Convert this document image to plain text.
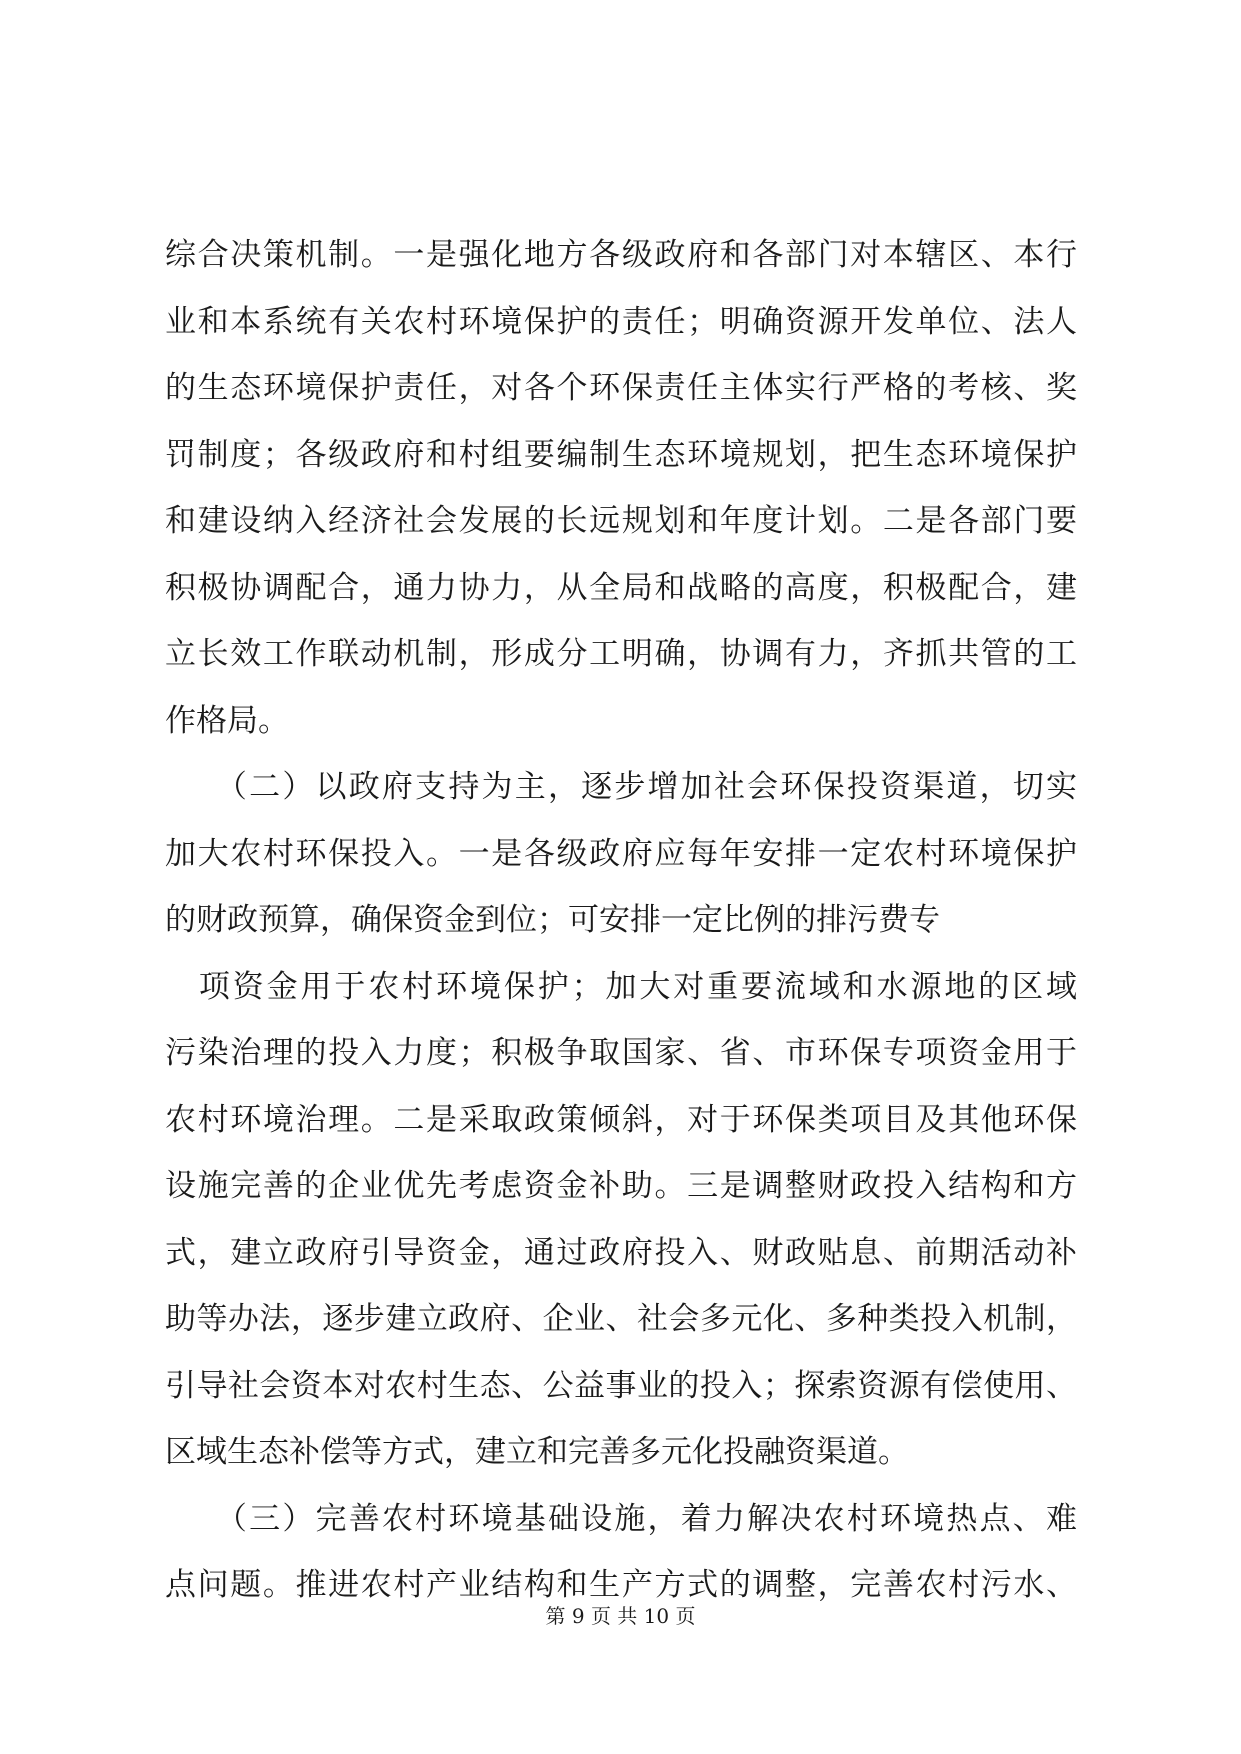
综合决策机制。一是强化地方各级政府和各部门对本辖区、本行
业和本系统有关农村环境保护的责任；明确资源开发单位、法人
的生态环境保护责任，对各个环保责任主体实行严格的考核、奖
罚制度；各级政府和村组要编制生态环境规划，把生态环境保护
和建设纳入经济社会发展的长远规划和年度计划。二是各部门要
积极协调配合，通力协力，从全局和战略的高度，积极配合，建
立长效工作联动机制，形成分工明确，协调有力，齐抓共管的工
作格局。
　　（二）以政府支持为主，逐步增加社会环保投资渠道，切实
加大农村环保投入。一是各级政府应每年安排一定农村环境保护
的财政预算，确保资金到位；可安排一定比例的排污费专
　项资金用于农村环境保护；加大对重要流域和水源地的区域
污染治理的投入力度；积极争取国家、省、市环保专项资金用于
农村环境治理。二是采取政策倾斜，对于环保类项目及其他环保
设施完善的企业优先考虑资金补助。三是调整财政投入结构和方
式，建立政府引导资金，通过政府投入、财政贴息、前期活动补
助等办法，逐步建立政府、企业、社会多元化、多种类投入机制，
引导社会资本对农村生态、公益事业的投入；探索资源有偿使用、
区域生态补偿等方式，建立和完善多元化投融资渠道。
　　（三）完善农村环境基础设施，着力解决农村环境热点、难
点问题。推进农村产业结构和生产方式的调整，完善农村污水、
第 9 页 共 10 页
